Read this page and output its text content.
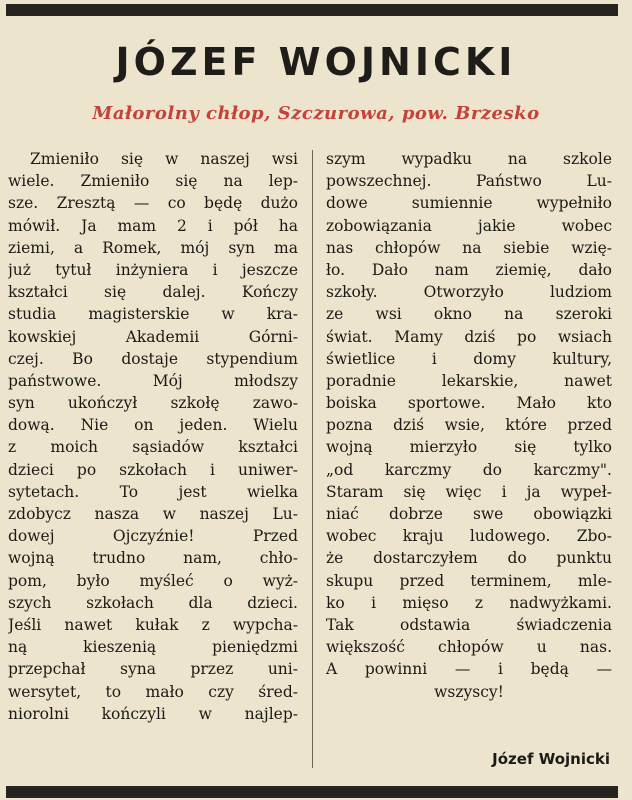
JÓZEF WOJNICKI
Małorolny chłop, Szczurowa, pow. Brzesko
Zmieniło się w naszej wsi
wiele. Zmieniło się na lep-
sze. Zresztą — co będę dużo
mówił. Ja mam 2 i pół ha
ziemi, a Romek, mój syn ma
już tytuł inżyniera i jeszcze
kształci się dalej. Kończy
studia magisterskie w kra-
kowskiej Akademii Górni-
czej. Bo dostaje stypendium
państwowe. Mój młodszy
syn ukończył szkołę zawo-
dową. Nie on jeden. Wielu
z moich sąsiadów kształci
dzieci po szkołach i uniwer-
sytetach. To jest wielka
zdobycz nasza w naszej Lu-
dowej Ojczyźnie! Przed
wojną trudno nam, chło-
pom, było myśleć o wyż-
szych szkołach dla dzieci.
Jeśli nawet kułak z wypcha-
ną kieszenią pieniędzmi
przepchał syna przez uni-
wersytet, to mało czy śred-
niorolni kończyli w najlep-
szym wypadku na szkole
powszechnej. Państwo Lu-
dowe sumiennie wypełniło
zobowiązania jakie wobec
nas chłopów na siebie wzię-
ło. Dało nam ziemię, dało
szkoły. Otworzyło ludziom
ze wsi okno na szeroki
świat. Mamy dziś po wsiach
świetlice i domy kultury,
poradnie lekarskie, nawet
boiska sportowe. Mało kto
pozna dziś wsie, które przed
wojną mierzyło się tylko
„od karczmy do karczmy".
Staram się więc i ja wypeł-
niać dobrze swe obowiązki
wobec kraju ludowego. Zbo-
że dostarczyłem do punktu
skupu przed terminem, mle-
ko i mięso z nadwyżkami.
Tak odstawia świadczenia
większość chłopów u nas.
A powinni — i będą —
wszyscy!
Józef Wojnicki
